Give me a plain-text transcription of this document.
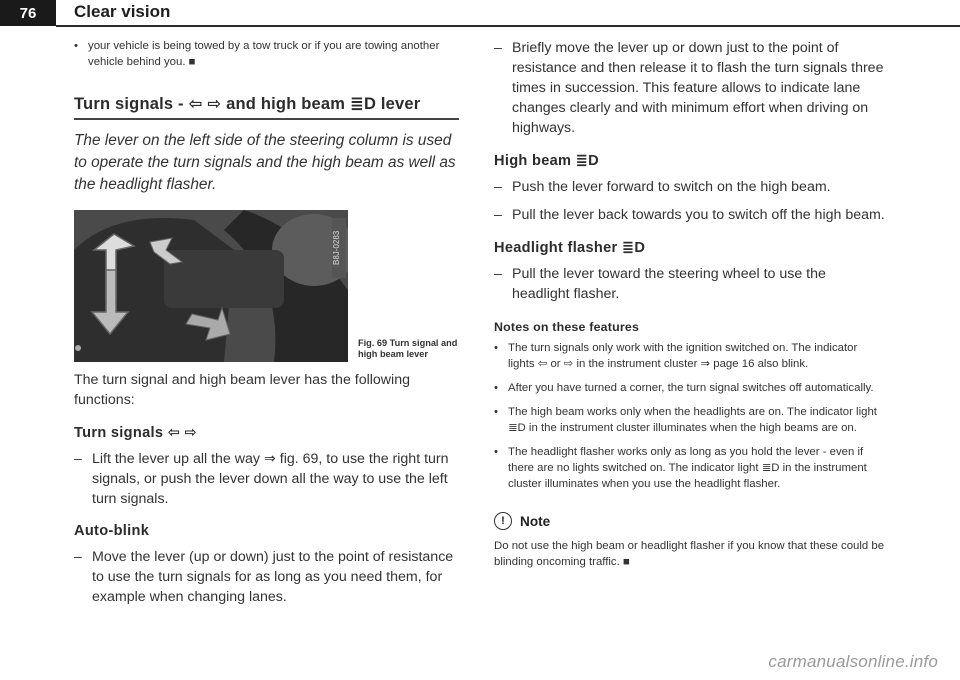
76 Clear vision

• your vehicle is being towed by a tow truck or if you are towing another vehicle behind you. ■

Turn signals - ⇦ ⇨ and high beam ≣D lever

The lever on the left side of the steering column is used to operate the turn signals and the high beam as well as the headlight flasher.

B8J-0283
Fig. 69 Turn signal and high beam lever

The turn signal and high beam lever has the following functions:

Turn signals ⇦ ⇨

– Lift the lever up all the way ⇒ fig. 69, to use the right turn signals, or push the lever down all the way to use the left turn signals.

Auto-blink

– Move the lever (up or down) just to the point of resistance to use the turn signals for as long as you need them, for example when changing lanes.

– Briefly move the lever up or down just to the point of resistance and then release it to flash the turn signals three times in succession. This feature allows to indicate lane changes clearly and with minimum effort when driving on highways.

High beam ≣D

– Push the lever forward to switch on the high beam.

– Pull the lever back towards you to switch off the high beam.

Headlight flasher ≣D

– Pull the lever toward the steering wheel to use the headlight flasher.

Notes on these features

• The turn signals only work with the ignition switched on. The indicator lights ⇦ or ⇨ in the instrument cluster ⇒ page 16 also blink.

• After you have turned a corner, the turn signal switches off automatically.

• The high beam works only when the headlights are on. The indicator light ≣D in the instrument cluster illuminates when the high beams are on.

• The headlight flasher works only as long as you hold the lever - even if there are no lights switched on. The indicator light ≣D in the instrument cluster illuminates when you use the headlight flasher.

!	Note

Do not use the high beam or headlight flasher if you know that these could be blinding oncoming traffic. ■

carmanualsonline.info
